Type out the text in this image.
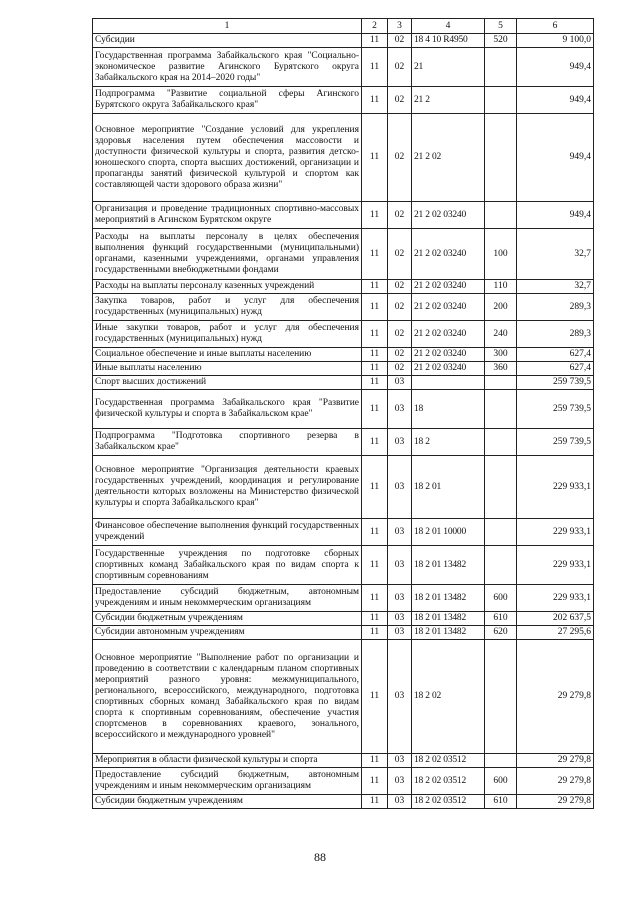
1	2	3	4	5	6
Субсидии	11	02	18 4 10 R4950	520	9 100,0
Государственная программа Забайкальского края "Социально-экономическое развитие Агинского Бурятского округа Забайкальского края на 2014–2020 годы"	11	02	21		949,4
Подпрограмма "Развитие социальной сферы Агинского Бурятского округа Забайкальского края"	11	02	21 2		949,4
Основное мероприятие "Создание условий для укрепления здоровья населения путем обеспечения массовости и доступности физической культуры и спорта, развития детско-юношеского спорта, спорта высших достижений, организации и пропаганды занятий физической культурой и спортом как составляющей части здорового образа жизни"	11	02	21 2 02		949,4
Организация и проведение традиционных спортивно-массовых мероприятий в Агинском Бурятском округе	11	02	21 2 02 03240		949,4
Расходы на выплаты персоналу в целях обеспечения выполнения функций государственными (муниципальными) органами, казенными учреждениями, органами управления государственными внебюджетными фондами	11	02	21 2 02 03240	100	32,7
Расходы на выплаты персоналу казенных учреждений	11	02	21 2 02 03240	110	32,7
Закупка товаров, работ и услуг для обеспечения государственных (муниципальных) нужд	11	02	21 2 02 03240	200	289,3
Иные закупки товаров, работ и услуг для обеспечения государственных (муниципальных) нужд	11	02	21 2 02 03240	240	289,3
Социальное обеспечение и иные выплаты населению	11	02	21 2 02 03240	300	627,4
Иные выплаты населению	11	02	21 2 02 03240	360	627,4
Спорт высших достижений	11	03			259 739,5
Государственная программа Забайкальского края "Развитие физической культуры и спорта в Забайкальском крае"	11	03	18		259 739,5
Подпрограмма "Подготовка спортивного резерва в Забайкальском крае"	11	03	18 2		259 739,5
Основное мероприятие "Организация деятельности краевых государственных учреждений, координация и регулирование деятельности которых возложены на Министерство физической культуры и спорта Забайкальского края"	11	03	18 2 01		229 933,1
Финансовое обеспечение выполнения функций государственных учреждений	11	03	18 2 01 10000		229 933,1
Государственные учреждения по подготовке сборных спортивных команд Забайкальского края по видам спорта к спортивным соревнованиям	11	03	18 2 01 13482		229 933,1
Предоставление субсидий бюджетным, автономным учреждениям и иным некоммерческим организациям	11	03	18 2 01 13482	600	229 933,1
Субсидии бюджетным учреждениям	11	03	18 2 01 13482	610	202 637,5
Субсидии автономным учреждениям	11	03	18 2 01 13482	620	27 295,6
Основное мероприятие "Выполнение работ по организации и проведению в соответствии с календарным планом спортивных мероприятий разного уровня: межмуниципального, регионального, всероссийского, международного, подготовка спортивных сборных команд Забайкальского края по видам спорта к спортивным соревнованиям, обеспечение участия спортсменов в соревнованиях краевого, зонального, всероссийского и международного уровней"	11	03	18 2 02		29 279,8
Мероприятия в области физической культуры и спорта	11	03	18 2 02 03512		29 279,8
Предоставление субсидий бюджетным, автономным учреждениям и иным некоммерческим организациям	11	03	18 2 02 03512	600	29 279,8
Субсидии бюджетным учреждениям	11	03	18 2 02 03512	610	29 279,8
88
